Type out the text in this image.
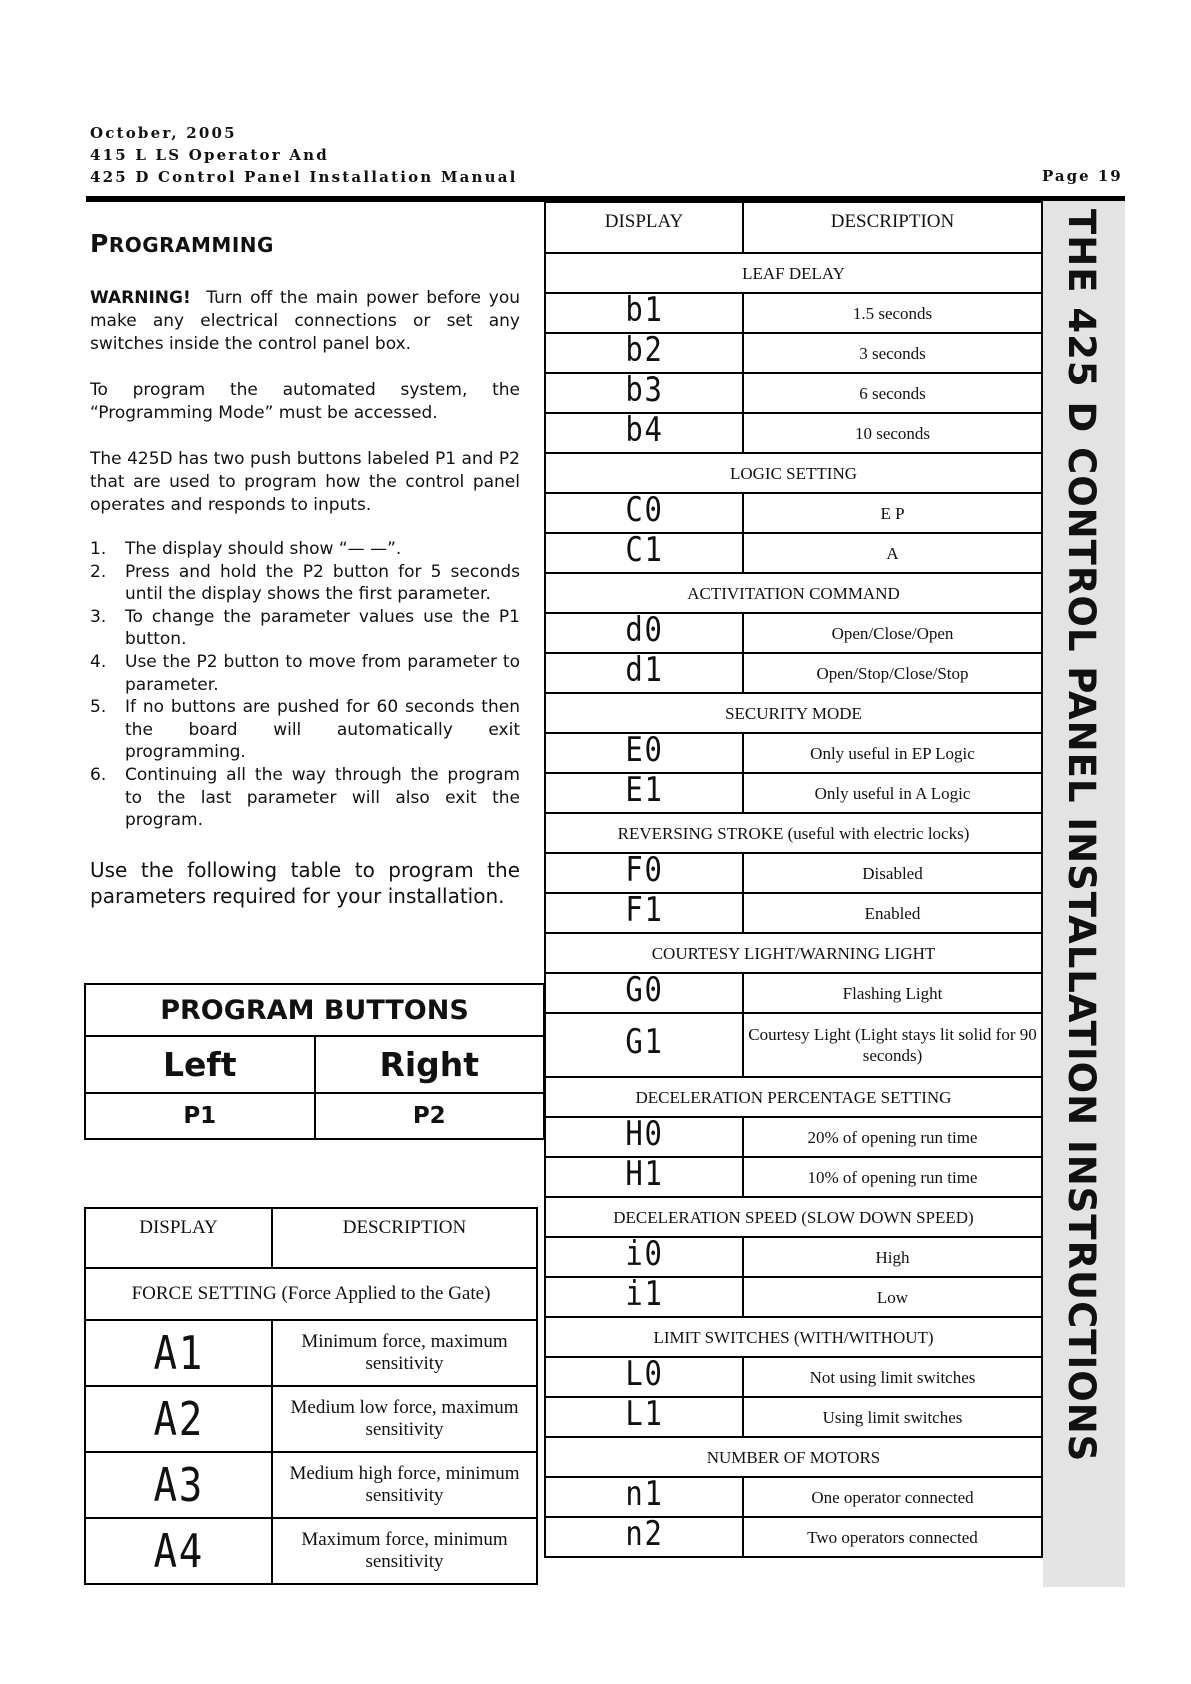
October, 2005
415 L LS Operator And
425 D Control Panel Installation Manual	Page 19
PROGRAMMING
WARNING! Turn off the main power before you make any electrical connections or set any switches inside the control panel box.
To program the automated system, the “Programming Mode” must be accessed.
The 425D has two push buttons labeled P1 and P2 that are used to program how the control panel operates and responds to inputs.
1. The display should show “— —”.
2. Press and hold the P2 button for 5 seconds until the display shows the first parameter.
3. To change the parameter values use the P1 button.
4. Use the P2 button to move from parameter to parameter.
5. If no buttons are pushed for 60 seconds then the board will automatically exit programming.
6. Continuing all the way through the program to the last parameter will also exit the program.
Use the following table to program the parameters required for your installation.
PROGRAM BUTTONS	
Left	Right
P1	P2
DISPLAY	DESCRIPTION
FORCE SETTING (Force Applied to the Gate)	
A1	Minimum force, maximum sensitivity
A2	Medium low force, maximum sensitivity
A3	Medium high force, minimum sensitivity
A4	Maximum force, minimum sensitivity
DISPLAY	DESCRIPTION
LEAF DELAY	
b1	1.5 seconds
b2	3 seconds
b3	6 seconds
b4	10 seconds
LOGIC SETTING	
C0	E P
C1	A
ACTIVITATION COMMAND	
d0	Open/Close/Open
d1	Open/Stop/Close/Stop
SECURITY MODE	
E0	Only useful in EP Logic
E1	Only useful in A Logic
REVERSING STROKE (useful with electric locks)	
F0	Disabled
F1	Enabled
COURTESY LIGHT/WARNING LIGHT	
G0	Flashing Light
G1	Courtesy Light (Light stays lit solid for 90 seconds)
DECELERATION PERCENTAGE SETTING	
H0	20% of opening run time
H1	10% of opening run time
DECELERATION SPEED (SLOW DOWN SPEED)	
i0	High
i1	Low
LIMIT SWITCHES (WITH/WITHOUT)	
L0	Not using limit switches
L1	Using limit switches
NUMBER OF MOTORS	
n1	One operator connected
n2	Two operators connected
THE 425 D CONTROL PANEL INSTALLATION INSTRUCTIONS
